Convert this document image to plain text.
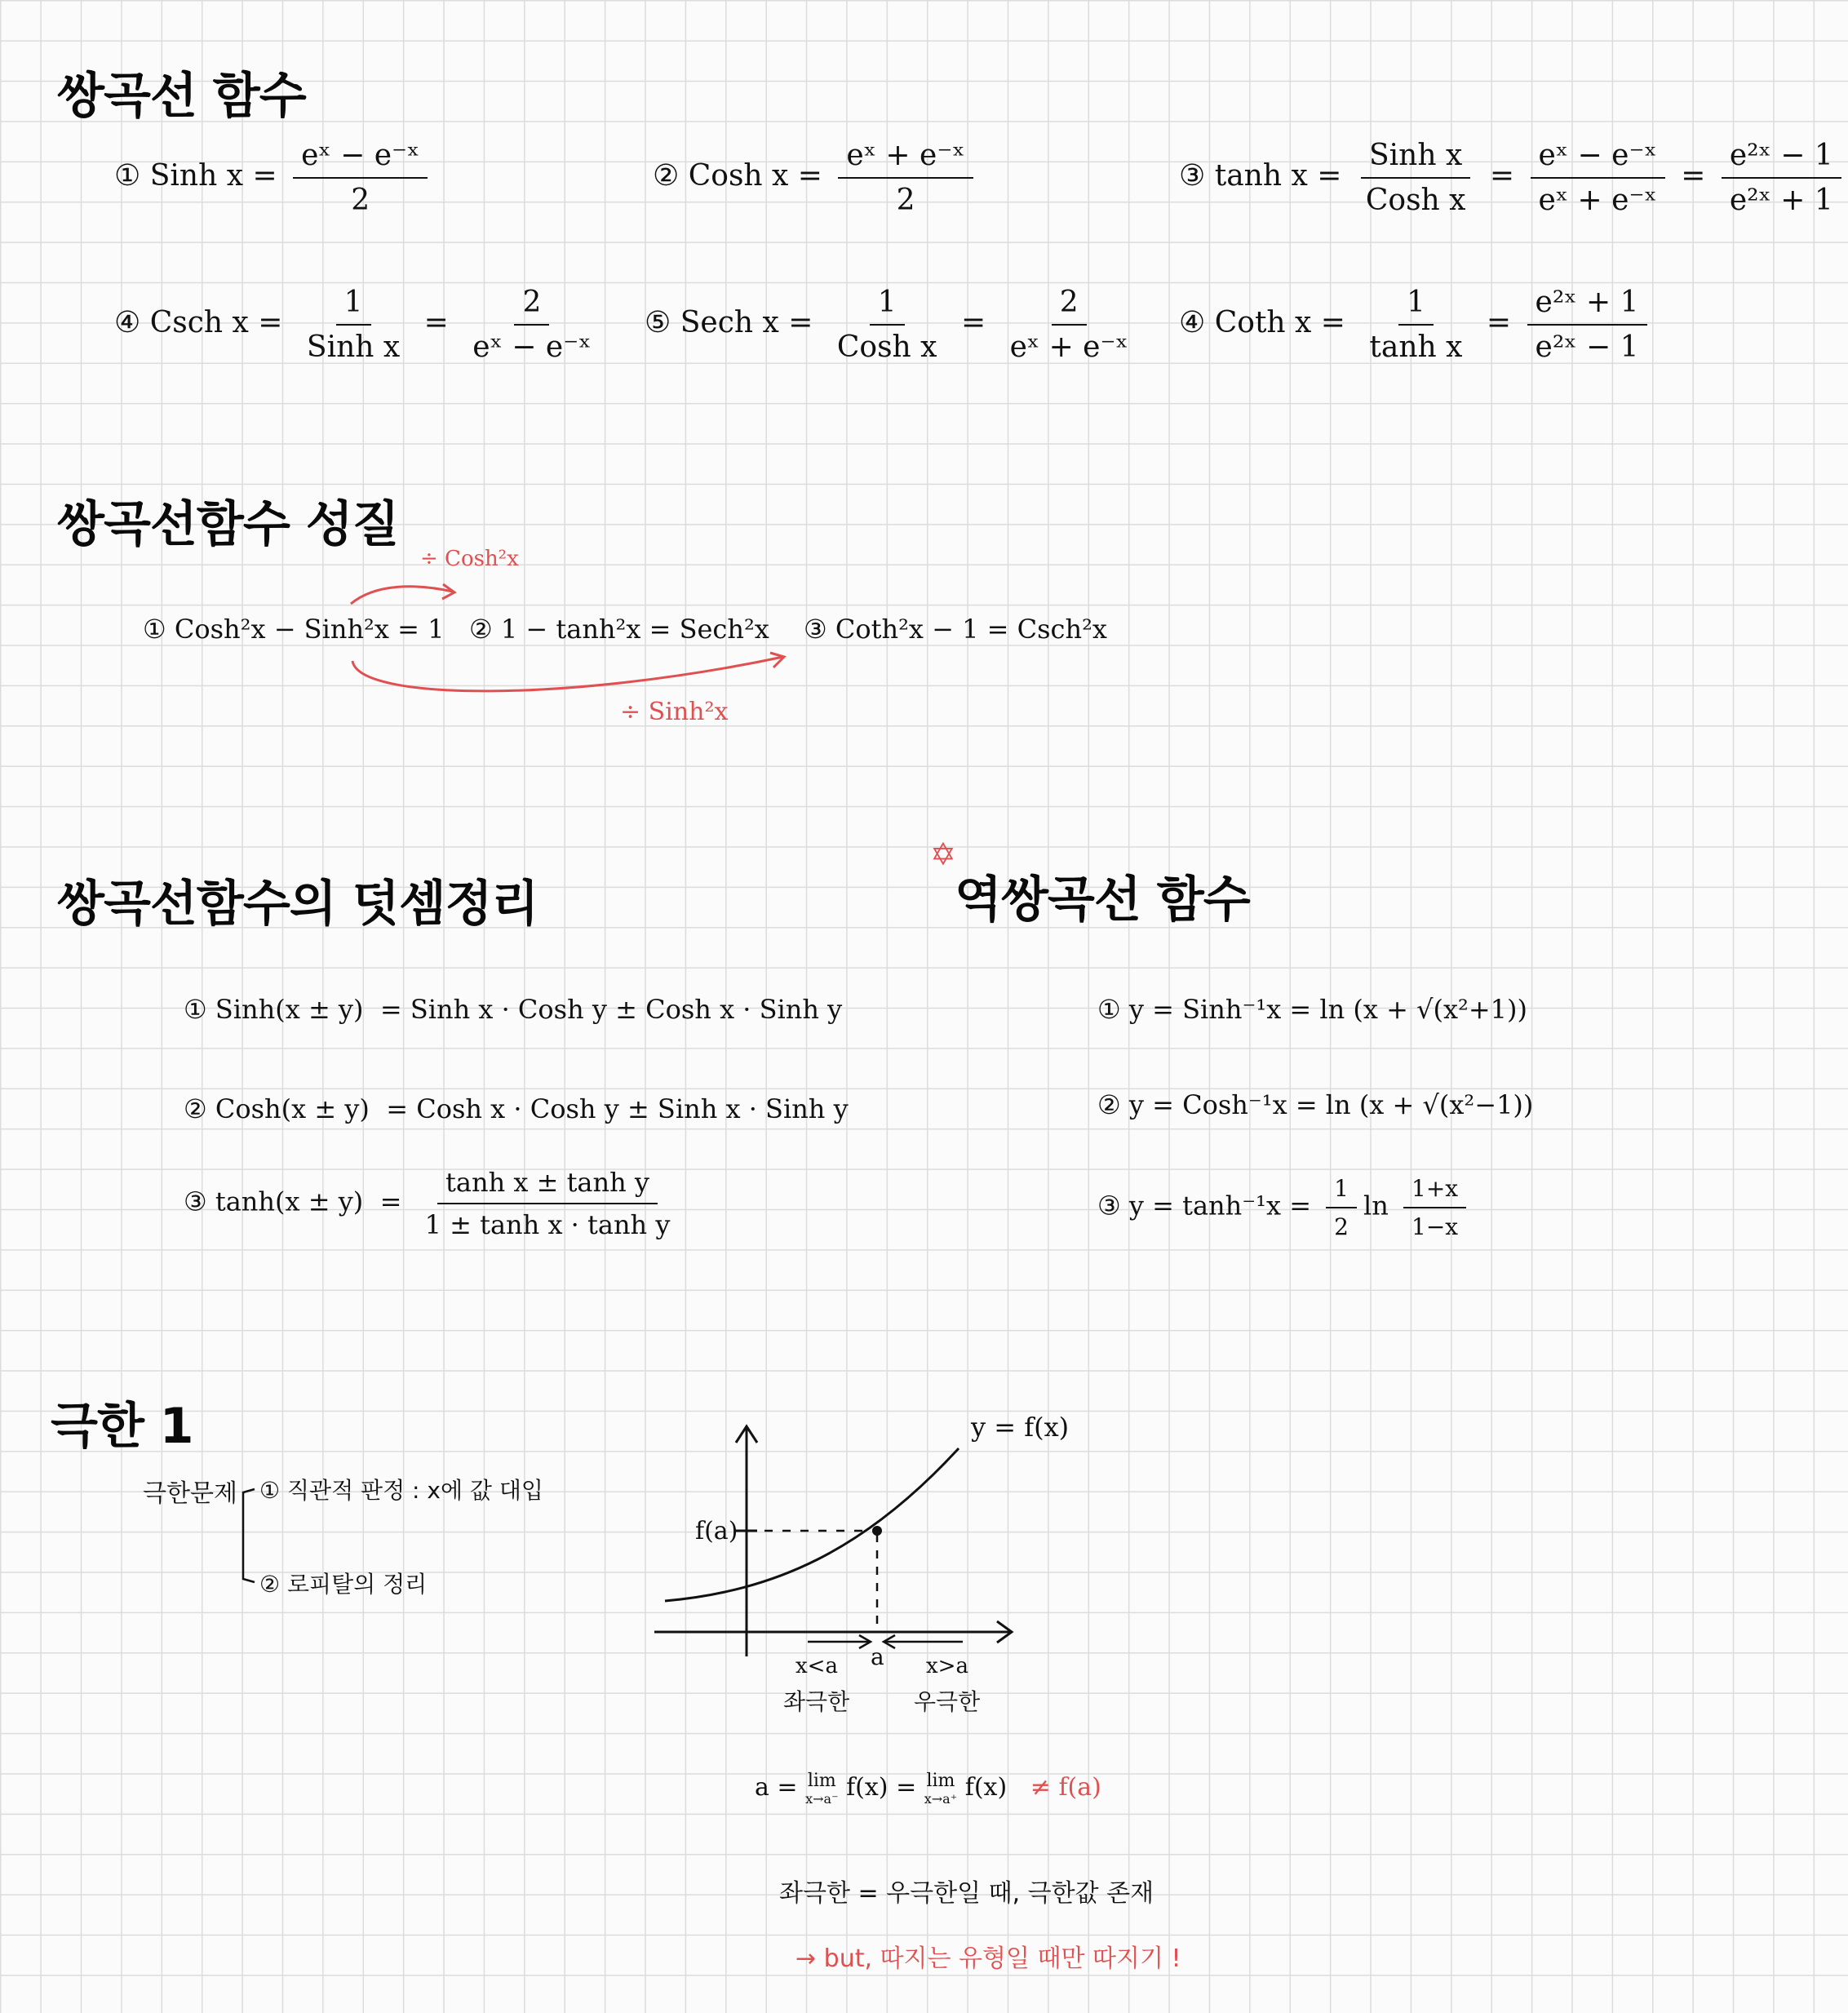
쌍곡선 함수
① Sinh $x = \frac{\text{eˣ − e⁻ˣ}}{2}$	② Cosh $x = \frac{\text{eˣ + e⁻ˣ}}{2}$	③ $\tanh x = \frac{\text{Sinh x}}{\text{Cosh x}} = \frac{\text{eˣ − e⁻ˣ}}{\text{eˣ + e⁻ˣ}} = \frac{\text{e²ˣ − 1}}{\text{e²ˣ + 1}}$
④ Csch $x = \frac{1}{\text{Sinh x}} = \frac{2}{\text{eˣ − e⁻ˣ}}$ ⑤ Sech $x = \frac{1}{\text{Cosh x}} = \frac{2}{\text{eˣ + e⁻ˣ}}$ ④ Coth $x = \frac{1}{\text{tanh x}} = \frac{\text{e²ˣ + 1}}{\text{e²ˣ − 1}}$
쌍곡선함수 성질
÷ Cosh²x
① Cosh²x − Sinh²x = 1 ② 1 − tanh²x = Sech²x ③ Coth²x − 1 = Csch²x
÷ Sinh²x
쌍곡선함수의 덧셈정리
① Sinh(x ± y) = Sinh x · Cosh y ± Cosh x · Sinh y
② Cosh(x ± y) = Cosh x · Cosh y ± Sinh x · Sinh y
③ $\tanh(x \pm y) = \frac{\text{tanh x ± tanh y}}{\text{1 ± tanh x · tanh y}}$
✡
역쌍곡선 함수
① y = Sinh⁻¹x = ln (x + √(x²+1))
② y = Cosh⁻¹x = ln (x + √(x²−1))
③ $y = \tanh^{-1}x = \frac{1}{2}$ $\ln \frac{1+x}{1-x}$
극한 1
극한문제 ① 직관적 판정 : x에 값 대입
② 로피탈의 정리
y = f(x)
f(a)
a
x<a	x>a
좌극한	우극한
a = lim
x→a⁻ f(x) = lim
x→a⁺ f(x) ≠ f(a)
좌극한 = 우극한일 때, 극한값 존재
→ but, 따지는 유형일 때만 따지기 !
